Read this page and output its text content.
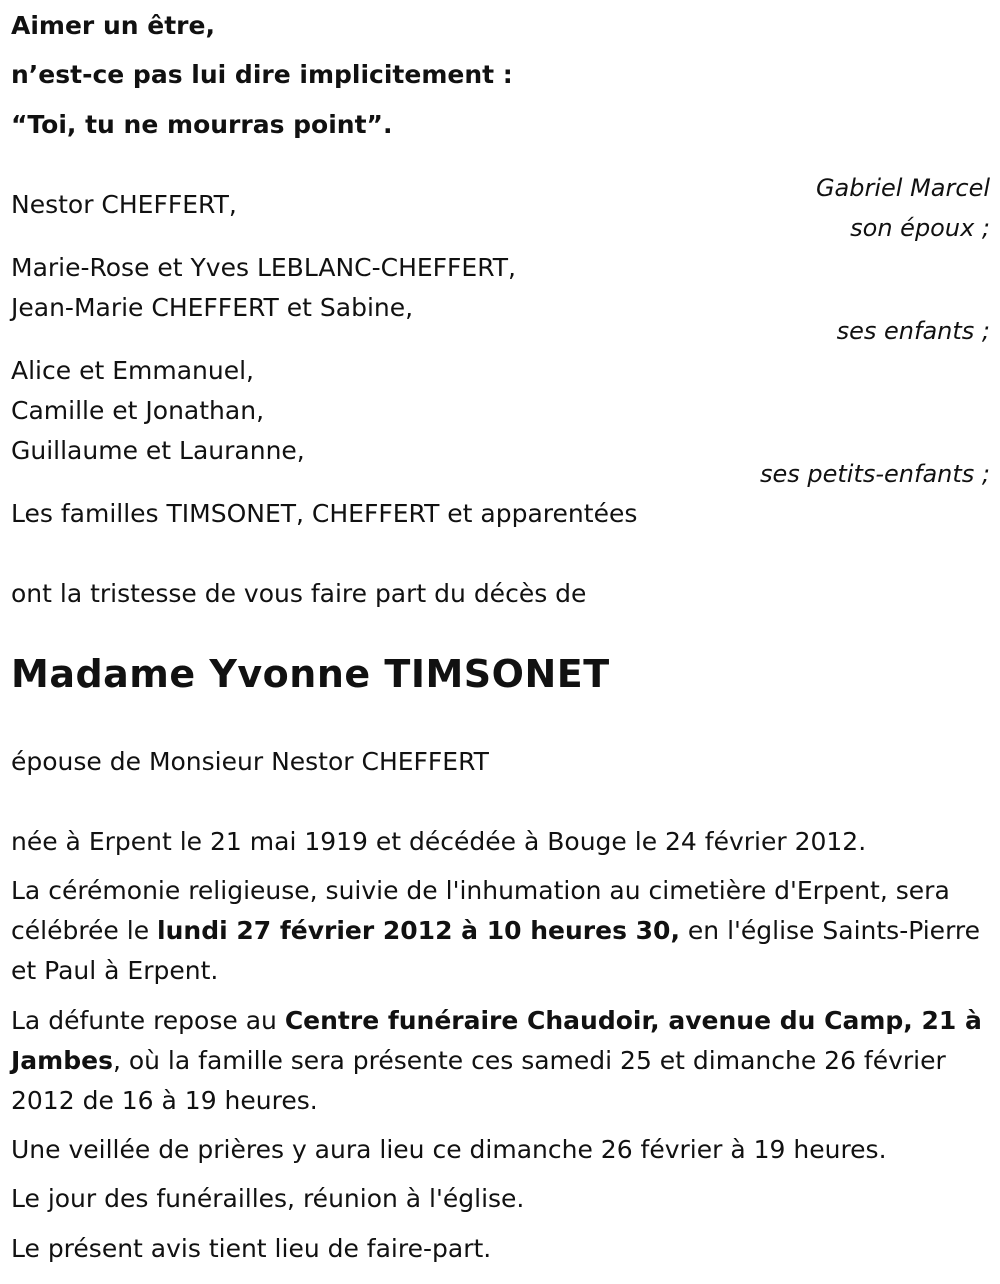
Aimer un être,
n’est-ce pas lui dire implicitement :
“Toi, tu ne mourras point”.
Gabriel Marcel
Nestor CHEFFERT,
son époux ;
Marie-Rose et Yves LEBLANC-CHEFFERT,
Jean-Marie CHEFFERT et Sabine,
ses enfants ;
Alice et Emmanuel,
Camille et Jonathan,
Guillaume et Lauranne,
ses petits-enfants ;
Les familles TIMSONET, CHEFFERT et apparentées
ont la tristesse de vous faire part du décès de
Madame Yvonne TIMSONET
épouse de Monsieur Nestor CHEFFERT
née à Erpent le 21 mai 1919 et décédée à Bouge le 24 février 2012.
La cérémonie religieuse, suivie de l'inhumation au cimetière d'Erpent, sera célébrée le lundi 27 février 2012 à 10 heures 30, en l'église Saints-Pierre et Paul à Erpent.
La défunte repose au Centre funéraire Chaudoir, avenue du Camp, 21 à Jambes, où la famille sera présente ces samedi 25 et dimanche 26 février 2012 de 16 à 19 heures.
Une veillée de prières y aura lieu ce dimanche 26 février à 19 heures.
Le jour des funérailles, réunion à l'église.
Le présent avis tient lieu de faire-part.
